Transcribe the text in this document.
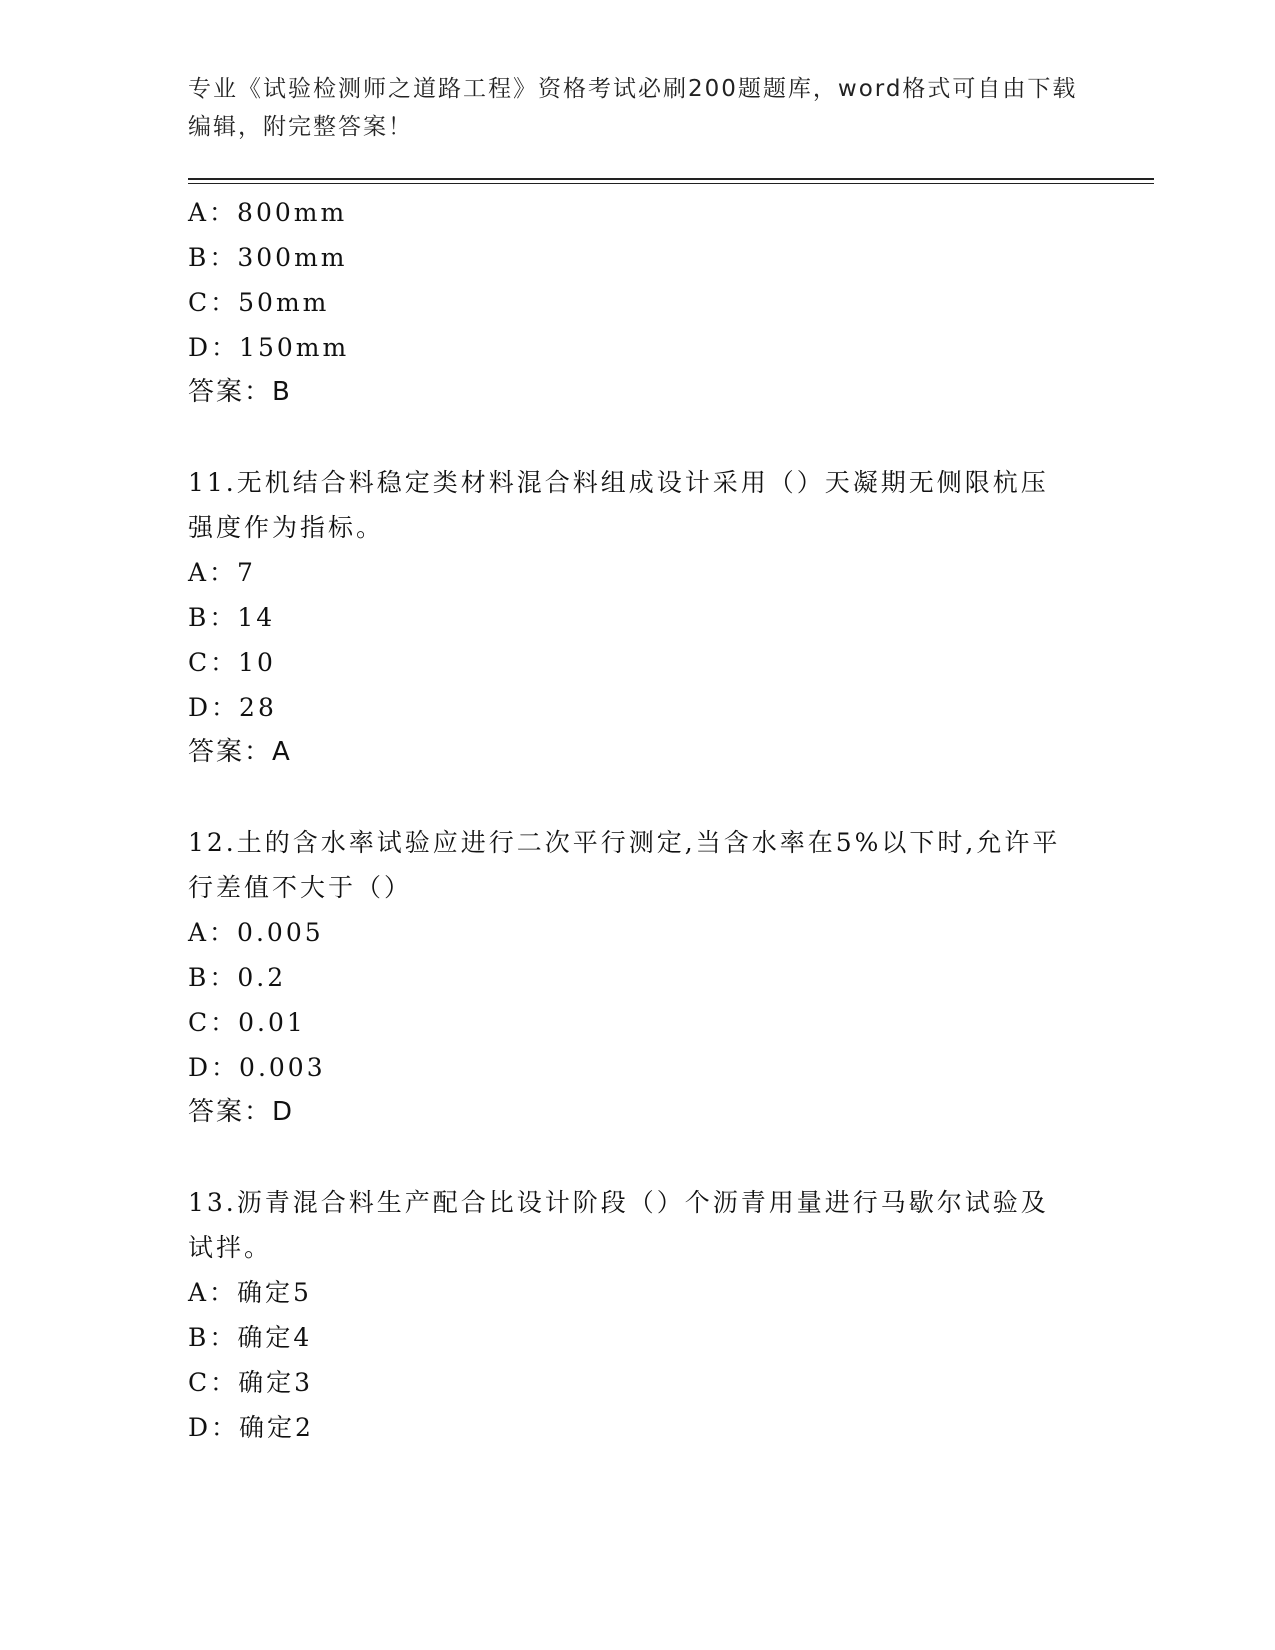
专业《试验检测师之道路工程》资格考试必刷200题题库，word格式可自由下载
编辑，附完整答案！
A：800mm
B：300mm
C：50mm
D：150mm
答案：B
11.无机结合料稳定类材料混合料组成设计采用（）天凝期无侧限杭压
强度作为指标。
A：7
B：14
C：10
D：28
答案：A
12.土的含水率试验应进行二次平行测定,当含水率在5%以下时,允许平
行差值不大于（）
A：0.005
B：0.2
C：0.01
D：0.003
答案：D
13.沥青混合料生产配合比设计阶段（）个沥青用量进行马歇尔试验及
试拌。
A：确定5
B：确定4
C：确定3
D：确定2
